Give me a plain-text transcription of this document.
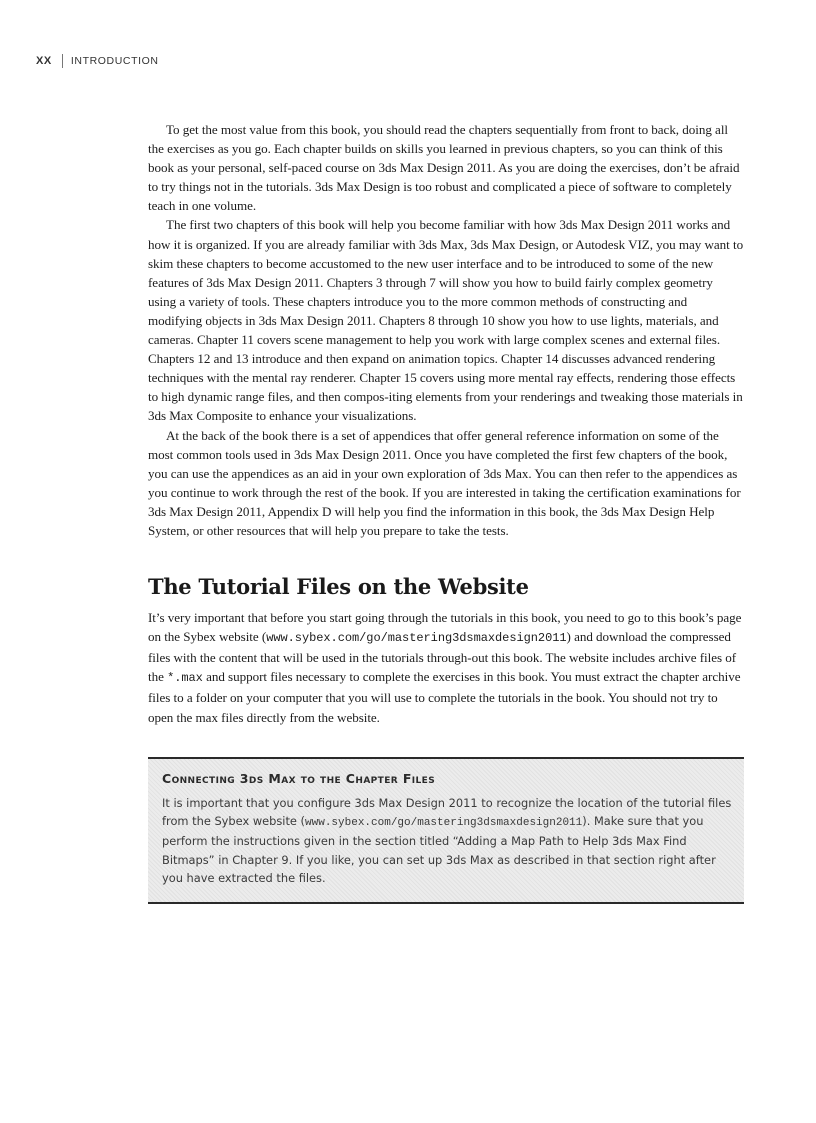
XX INTRODUCTION

To get the most value from this book, you should read the chapters sequentially from front to back, doing all the exercises as you go. Each chapter builds on skills you learned in previous chapters, so you can think of this book as your personal, self-paced course on 3ds Max Design 2011. As you are doing the exercises, don’t be afraid to try things not in the tutorials. 3ds Max Design is too robust and complicated a piece of software to completely teach in one volume.

The first two chapters of this book will help you become familiar with how 3ds Max Design 2011 works and how it is organized. If you are already familiar with 3ds Max, 3ds Max Design, or Autodesk VIZ, you may want to skim these chapters to become accustomed to the new user interface and to be introduced to some of the new features of 3ds Max Design 2011. Chapters 3 through 7 will show you how to build fairly complex geometry using a variety of tools. These chapters introduce you to the more common methods of constructing and modifying objects in 3ds Max Design 2011. Chapters 8 through 10 show you how to use lights, materials, and cameras. Chapter 11 covers scene management to help you work with large complex scenes and external files. Chapters 12 and 13 introduce and then expand on animation topics. Chapter 14 discusses advanced rendering techniques with the mental ray renderer. Chapter 15 covers using more mental ray effects, rendering those effects to high dynamic range files, and then compos-iting elements from your renderings and tweaking those materials in 3ds Max Composite to enhance your visualizations.

At the back of the book there is a set of appendices that offer general reference information on some of the most common tools used in 3ds Max Design 2011. Once you have completed the first few chapters of the book, you can use the appendices as an aid in your own exploration of 3ds Max. You can then refer to the appendices as you continue to work through the rest of the book. If you are interested in taking the certification examinations for 3ds Max Design 2011, Appendix D will help you find the information in this book, the 3ds Max Design Help System, or other resources that will help you prepare to take the tests.

The Tutorial Files on the Website

It’s very important that before you start going through the tutorials in this book, you need to go to this book’s page on the Sybex website (www.sybex.com/go/mastering3dsmaxdesign2011) and download the compressed files with the content that will be used in the tutorials through-out this book. The website includes archive files of the *.max and support files necessary to complete the exercises in this book. You must extract the chapter archive files to a folder on your computer that you will use to complete the tutorials in the book. You should not try to open the max files directly from the website.

Connecting 3ds Max to the Chapter Files

It is important that you configure 3ds Max Design 2011 to recognize the location of the tutorial files from the Sybex website (www.sybex.com/go/mastering3dsmaxdesign2011). Make sure that you perform the instructions given in the section titled “Adding a Map Path to Help 3ds Max Find Bitmaps” in Chapter 9. If you like, you can set up 3ds Max as described in that section right after you have extracted the files.
